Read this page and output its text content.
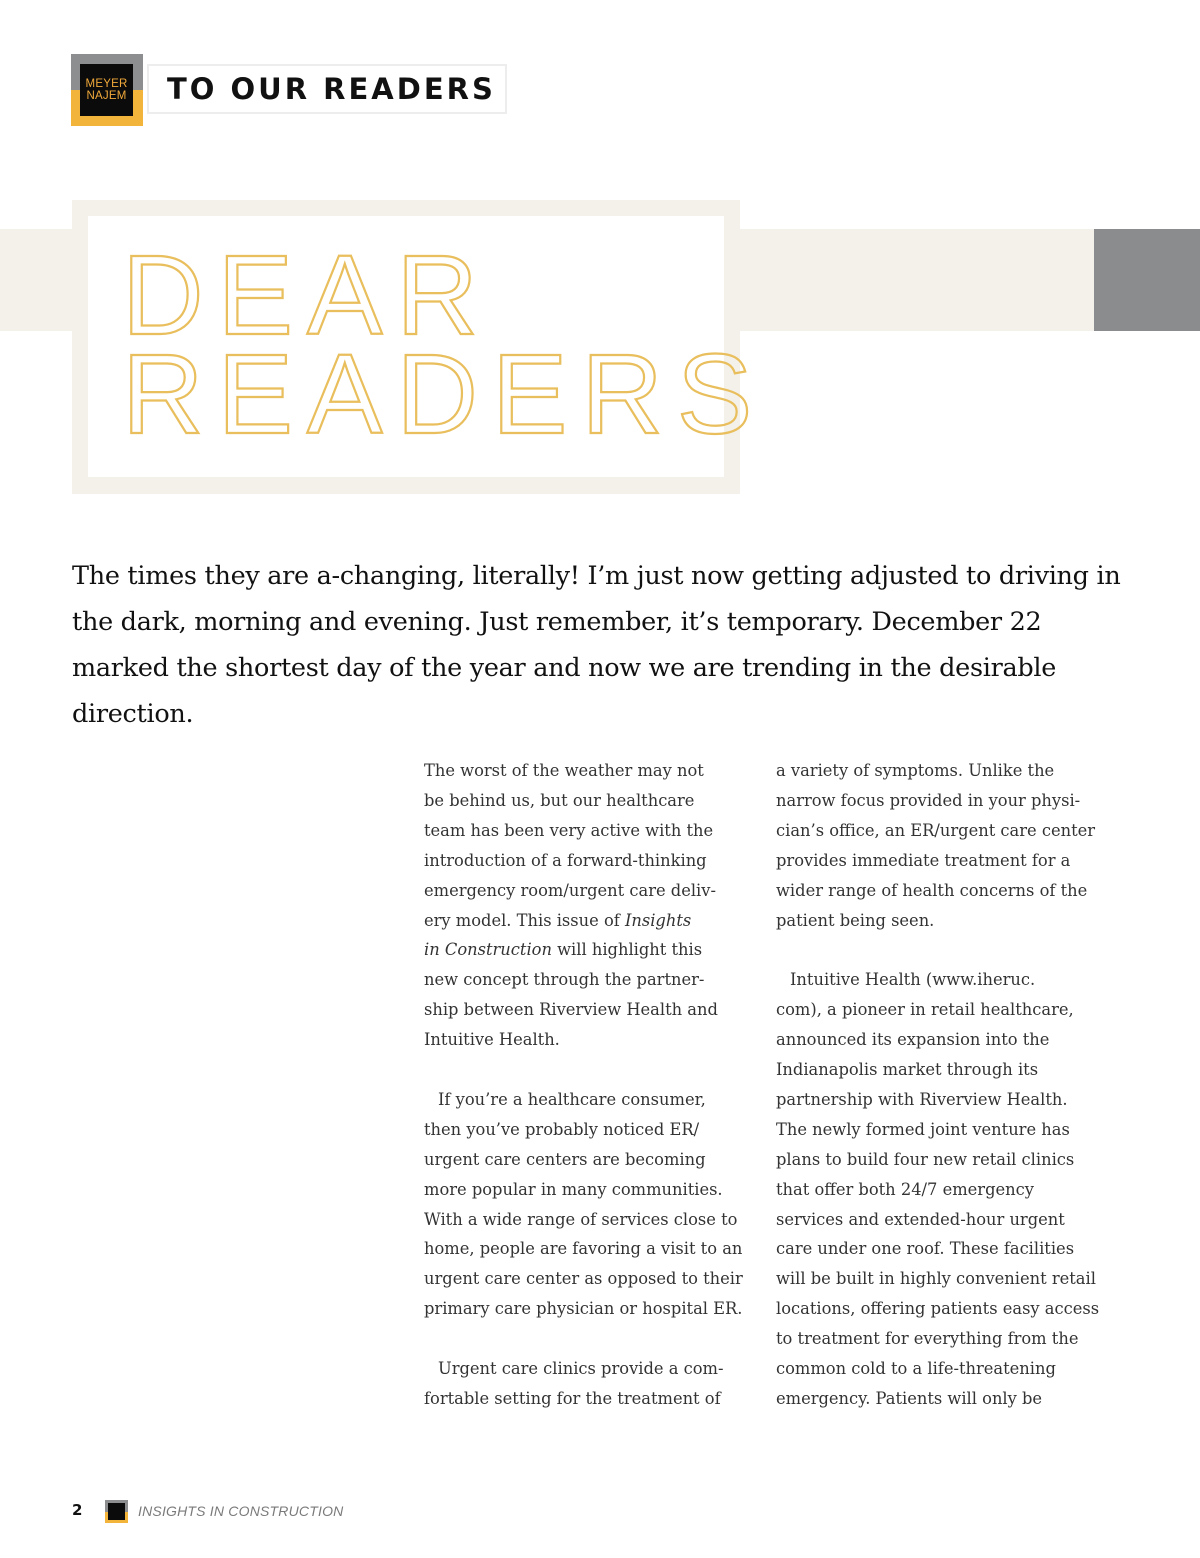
MEYER
NAJEM TO OUR READERS
DEAR
READERS

The times they are a-changing, literally! I’m just now getting adjusted to driving in the dark, morning and evening. Just remember, it’s temporary. December 22 marked the shortest day of the year and now we are trending in the desirable direction.

The worst of the weather may not
be behind us, but our healthcare
team has been very active with the
introduction of a forward-thinking
emergency room/urgent care deliv-
ery model. This issue of Insights
in Construction will highlight this
new concept through the partner-
ship between Riverview Health and
Intuitive Health.

If you’re a healthcare consumer,
then you’ve probably noticed ER/
urgent care centers are becoming
more popular in many communities.
With a wide range of services close to
home, people are favoring a visit to an
urgent care center as opposed to their
primary care physician or hospital ER.

Urgent care clinics provide a com-
fortable setting for the treatment of

a variety of symptoms. Unlike the
narrow focus provided in your physi-
cian’s office, an ER/urgent care center
provides immediate treatment for a
wider range of health concerns of the
patient being seen.

Intuitive Health (www.iheruc.
com), a pioneer in retail healthcare,
announced its expansion into the
Indianapolis market through its
partnership with Riverview Health.
The newly formed joint venture has
plans to build four new retail clinics
that offer both 24/7 emergency
services and extended-hour urgent
care under one roof. These facilities
will be built in highly convenient retail
locations, offering patients easy access
to treatment for everything from the
common cold to a life-threatening
emergency. Patients will only be

2	INSIGHTS IN CONSTRUCTION
